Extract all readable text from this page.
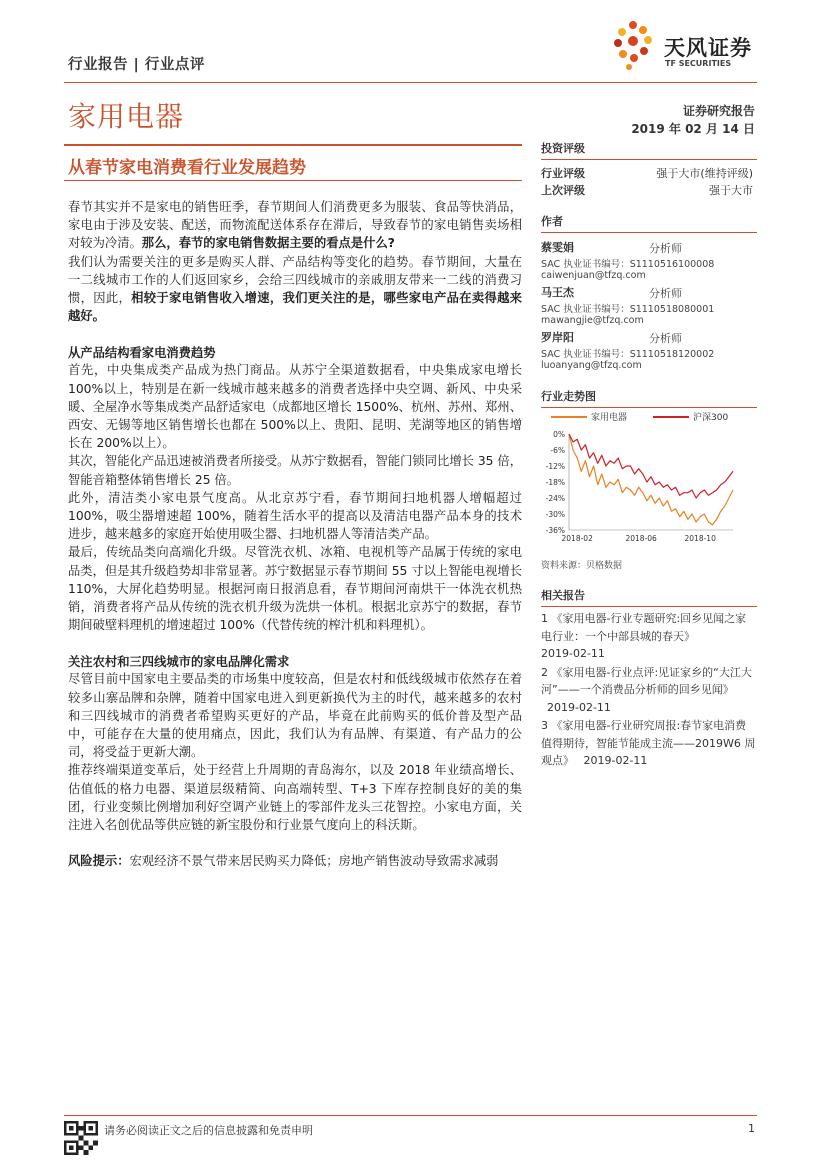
行业报告 | 行业点评
天风证券
TF SECURITIES
家用电器	证券研究报告
2019 年 02 月 14 日
从春节家电消费看行业发展趋势
投资评级
行业评级	强于大市(维持评级)
上次评级	强于大市
作者
蔡雯娟	分析师
SAC 执业证书编号：S1110516100008
caiwenjuan@tfzq.com
马王杰	分析师
SAC 执业证书编号：S1110518080001
mawangjie@tfzq.com
罗岸阳	分析师
SAC 执业证书编号：S1110518120002
luoanyang@tfzq.com
行业走势图
家用电器	沪深300
0%
-6%
-12%
-18%
-24%
-30%
-36%
2018-02	2018-06	2018-10
资料来源：贝格数据
相关报告
1 《家用电器-行业专题研究:回乡见闻之家电行业：一个中部县城的春天》
2019-02-11
2 《家用电器-行业点评:见证家乡的“大江大河”——一个消费品分析师的回乡见闻》 2019-02-11
3 《家用电器-行业研究周报:春节家电消费值得期待，智能节能成主流——2019W6 周观点》 2019-02-11

春节其实并不是家电的销售旺季，春节期间人们消费更多为服装、食品等快消品，家电由于涉及安装、配送，而物流配送体系存在滞后，导致春节的家电销售卖场相对较为冷清。那么，春节的家电销售数据主要的看点是什么?

我们认为需要关注的更多是购买人群、产品结构等变化的趋势。春节期间，大量在一二线城市工作的人们返回家乡，会给三四线城市的亲戚朋友带来一二线的消费习惯，因此，相较于家电销售收入增速，我们更关注的是，哪些家电产品在卖得越来越好。

从产品结构看家电消费趋势

首先，中央集成类产品成为热门商品。从苏宁全渠道数据看，中央集成家电增长 100%以上，特别是在新一线城市越来越多的消费者选择中央空调、新风、中央采暖、全屋净水等集成类产品舒适家电（成都地区增长 1500%、杭州、苏州、郑州、西安、无锡等地区销售增长也都在 500%以上、贵阳、昆明、芜湖等地区的销售增长在 200%以上）。

其次，智能化产品迅速被消费者所接受。从苏宁数据看，智能门锁同比增长 35 倍，智能音箱整体销售增长 25 倍。

此外，清洁类小家电景气度高。从北京苏宁看，春节期间扫地机器人增幅超过 100%，吸尘器增速超 100%，随着生活水平的提高以及清洁电器产品本身的技术进步，越来越多的家庭开始使用吸尘器、扫地机器人等清洁类产品。

最后，传统品类向高端化升级。尽管洗衣机、冰箱、电视机等产品属于传统的家电品类，但是其升级趋势却非常显著。苏宁数据显示春节期间 55 寸以上智能电视增长 110%，大屏化趋势明显。根据河南日报消息看，春节期间河南烘干一体洗衣机热销，消费者将产品从传统的洗衣机升级为洗烘一体机。根据北京苏宁的数据，春节期间破壁料理机的增速超过 100%（代替传统的榨汁机和料理机）。

关注农村和三四线城市的家电品牌化需求

尽管目前中国家电主要品类的市场集中度较高，但是农村和低线级城市依然存在着较多山寨品牌和杂牌，随着中国家电进入到更新换代为主的时代，越来越多的农村和三四线城市的消费者希望购买更好的产品，毕竟在此前购买的低价普及型产品中，可能存在大量的使用痛点，因此，我们认为有品牌、有渠道、有产品力的公司，将受益于更新大潮。

推荐终端渠道变革后，处于经营上升周期的青岛海尔，以及 2018 年业绩高增长、估值低的格力电器、渠道层级精简、向高端转型、T+3 下库存控制良好的美的集团，行业变频比例增加利好空调产业链上的零部件龙头三花智控。小家电方面，关注进入名创优品等供应链的新宝股份和行业景气度向上的科沃斯。

风险提示：宏观经济不景气带来居民购买力降低；房地产销售波动导致需求减弱

请务必阅读正文之后的信息披露和免责申明	1
